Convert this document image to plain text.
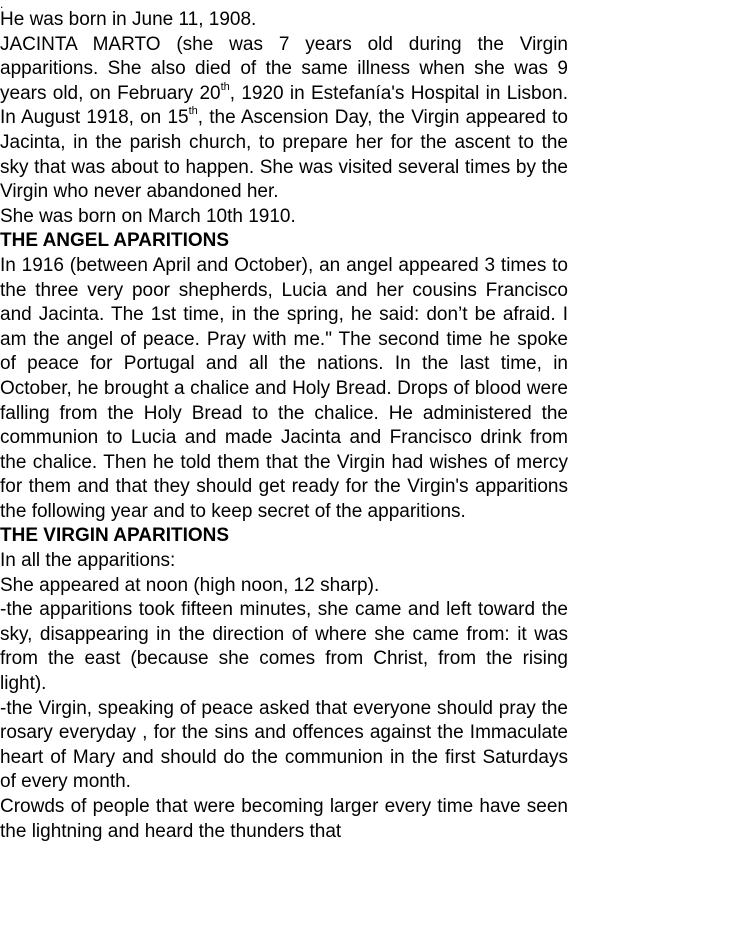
.

He was born in June 11, 1908.

JACINTA MARTO (she was 7 years old during the Virgin apparitions. She also died of the same illness when she was 9 years old, on February 20th, 1920 in Estefanía's Hospital in Lisbon. In August 1918, on 15th, the Ascension Day, the Virgin appeared to Jacinta, in the parish church, to prepare her for the ascent to the sky that was about to happen. She was visited several times by the Virgin who never abandoned her.

She was born on March 10th 1910.

THE ANGEL APARITIONS

In 1916 (between April and October), an angel appeared 3 times to the three very poor shepherds, Lucia and her cousins Francisco and Jacinta. The 1st time, in the spring, he said: don’t be afraid. I am the angel of peace. Pray with me." The second time he spoke of peace for Portugal and all the nations. In the last time, in October, he brought a chalice and Holy Bread. Drops of blood were falling from the Holy Bread to the chalice. He administered the communion to Lucia and made Jacinta and Francisco drink from the chalice. Then he told them that the Virgin had wishes of mercy for them and that they should get ready for the Virgin's apparitions the following year and to keep secret of the apparitions.

THE VIRGIN APARITIONS

In all the apparitions:

She appeared at noon (high noon, 12 sharp).

-the apparitions took fifteen minutes, she came and left toward the sky, disappearing in the direction of where she came from: it was from the east (because she comes from Christ, from the rising light).

-the Virgin, speaking of peace asked that everyone should pray the rosary everyday , for the sins and offences against the Immaculate heart of Mary and should do the communion in the first Saturdays of every month.

Crowds of people that were becoming larger every time have seen the lightning and heard the thunders that
